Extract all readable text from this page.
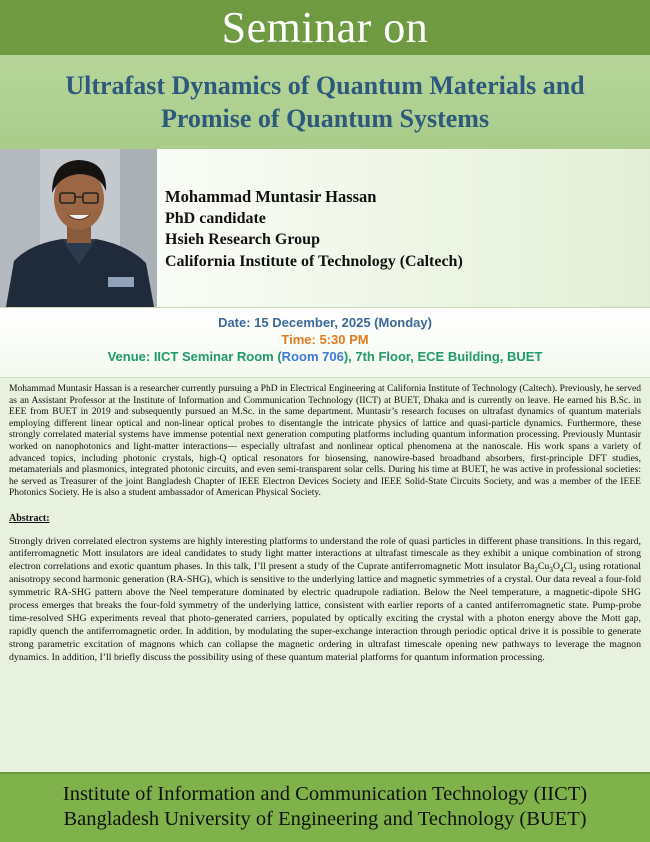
Seminar on
Ultrafast Dynamics of Quantum Materials and
Promise of Quantum Systems
Mohammad Muntasir Hassan
PhD candidate
Hsieh Research Group
California Institute of Technology (Caltech)
Date: 15 December, 2025 (Monday)
Time: 5:30 PM
Venue: IICT Seminar Room (Room 706), 7th Floor, ECE Building, BUET

Mohammad Muntasir Hassan is a researcher currently pursuing a PhD in Electrical Engineering at California Institute of Technology (Caltech). Previously, he served as an Assistant Professor at the Institute of Information and Communication Technology (IICT) at BUET, Dhaka and is currently on leave. He earned his B.Sc. in EEE from BUET in 2019 and subsequently pursued an M.Sc. in the same department. Muntasir’s research focuses on ultrafast dynamics of quantum materials employing different linear optical and non-linear optical probes to disentangle the intricate physics of lattice and quasi-particle dynamics. Furthermore, these strongly correlated material systems have immense potential next generation computing platforms including quantum information processing. Previously Muntasir worked on nanophotonics and light-matter interactions— especially ultrafast and nonlinear optical phenomena at the nanoscale. His work spans a variety of advanced topics, including photonic crystals, high-Q optical resonators for biosensing, nanowire-based broadband absorbers, first-principle DFT studies, metamaterials and plasmonics, integrated photonic circuits, and even semi-transparent solar cells. During his time at BUET, he was active in professional societies: he served as Treasurer of the joint Bangladesh Chapter of IEEE Electron Devices Society and IEEE Solid-State Circuits Society, and was a member of the IEEE Photonics Society. He is also a student ambassador of American Physical Society.

Abstract:

Strongly driven correlated electron systems are highly interesting platforms to understand the role of quasi particles in different phase transitions. In this regard, antiferromagnetic Mott insulators are ideal candidates to study light matter interactions at ultrafast timescale as they exhibit a unique combination of strong electron correlations and exotic quantum phases. In this talk, I’ll present a study of the Cuprate antiferromagnetic Mott insulator $Ba_2Cu_3O_4Cl_2$ using rotational anisotropy second harmonic generation (RA-SHG), which is sensitive to the underlying lattice and magnetic symmetries of a crystal. Our data reveal a four-fold symmetric RA-SHG pattern above the Neel temperature dominated by electric quadrupole radiation. Below the Neel temperature, a magnetic-dipole SHG process emerges that breaks the four-fold symmetry of the underlying lattice, consistent with earlier reports of a canted antiferromagnetic state. Pump-probe time-resolved SHG experiments reveal that photo-generated carriers, populated by optically exciting the crystal with a photon energy above the Mott gap, rapidly quench the antiferromagnetic order. In addition, by modulating the super-exchange interaction through periodic optical drive it is possible to generate strong parametric excitation of magnons which can collapse the magnetic ordering in ultrafast timescale opening new pathways to leverage the magnon dynamics. In addition, I’ll briefly discuss the possibility using of these quantum material platforms for quantum information processing.

Institute of Information and Communication Technology (IICT)
Bangladesh University of Engineering and Technology (BUET)
